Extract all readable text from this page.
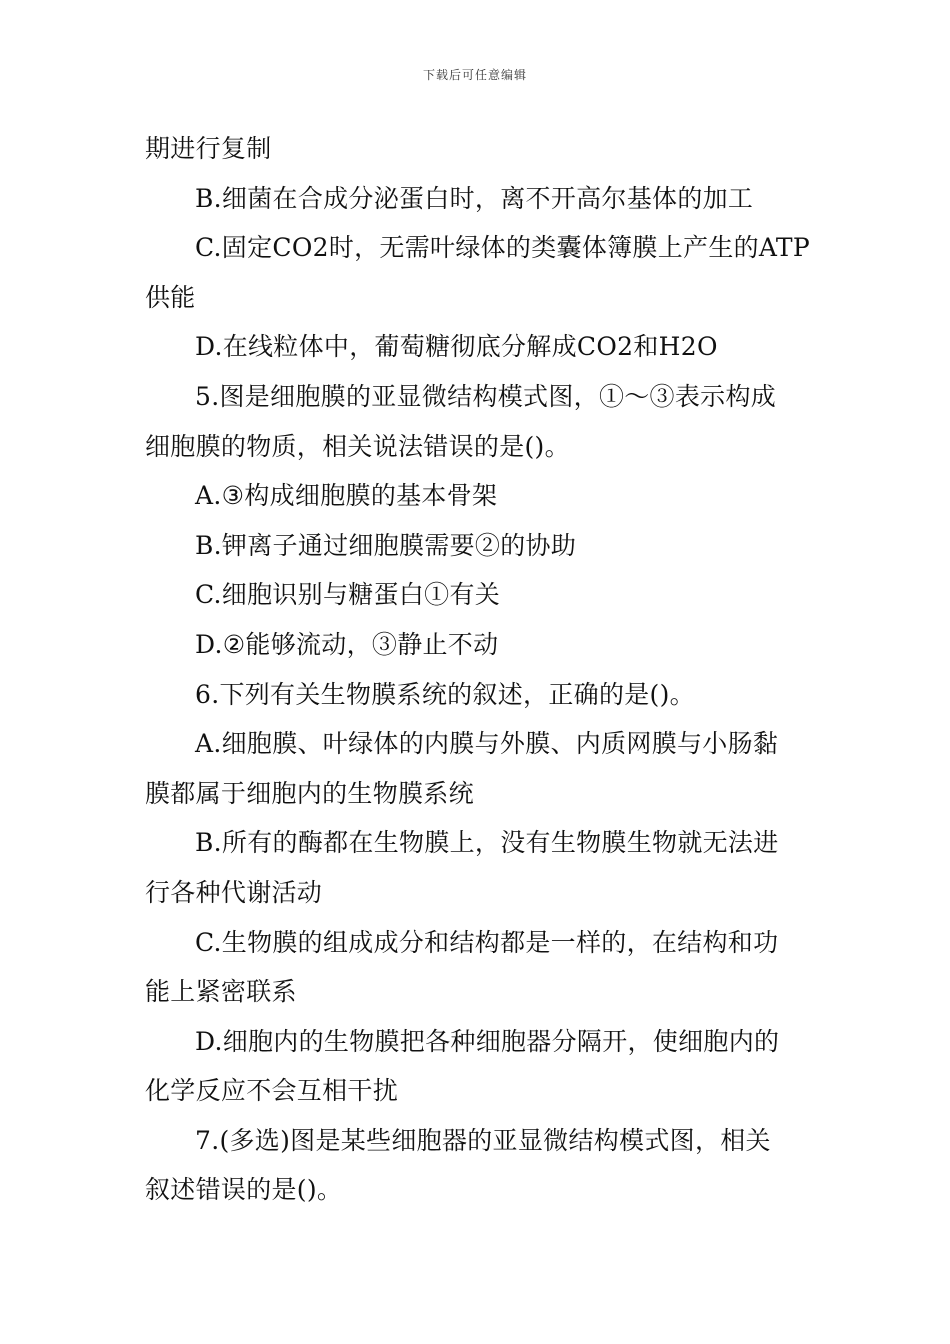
下载后可任意编辑
期进行复制
B.细菌在合成分泌蛋白时，离不开高尔基体的加工
C.固定CO2时，无需叶绿体的类囊体簿膜上产生的ATP
供能
D.在线粒体中，葡萄糖彻底分解成CO2和H2O
5.图是细胞膜的亚显微结构模式图，①～③表示构成
细胞膜的物质，相关说法错误的是()。
A.③构成细胞膜的基本骨架
B.钾离子通过细胞膜需要②的协助
C.细胞识别与糖蛋白①有关
D.②能够流动，③静止不动
6.下列有关生物膜系统的叙述，正确的是()。
A.细胞膜、叶绿体的内膜与外膜、内质网膜与小肠黏
膜都属于细胞内的生物膜系统
B.所有的酶都在生物膜上，没有生物膜生物就无法进
行各种代谢活动
C.生物膜的组成成分和结构都是一样的，在结构和功
能上紧密联系
D.细胞内的生物膜把各种细胞器分隔开，使细胞内的
化学反应不会互相干扰
7.(多选)图是某些细胞器的亚显微结构模式图，相关
叙述错误的是()。
